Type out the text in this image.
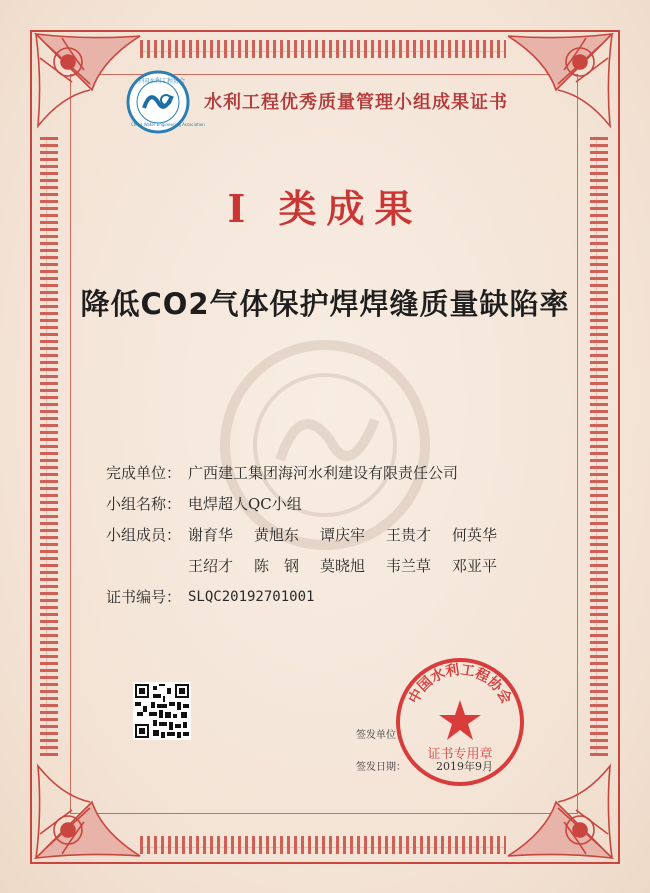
中国水利工程协会
China Water Engineering Association
水利工程优秀质量管理小组成果证书
I 类成果
降低CO2气体保护焊焊缝质量缺陷率
完成单位： 广西建工集团海河水利建设有限责任公司
小组名称： 电焊超人QC小组
小组成员： 谢育华	黄旭东	谭庆牢	王贵才	何英华
王绍才	陈　钢	莫晓旭	韦兰草	邓亚平
证书编号： SLQC20192701001
签发单位：
签发日期：	2019年9月
中国水利工程协会
证书专用章
